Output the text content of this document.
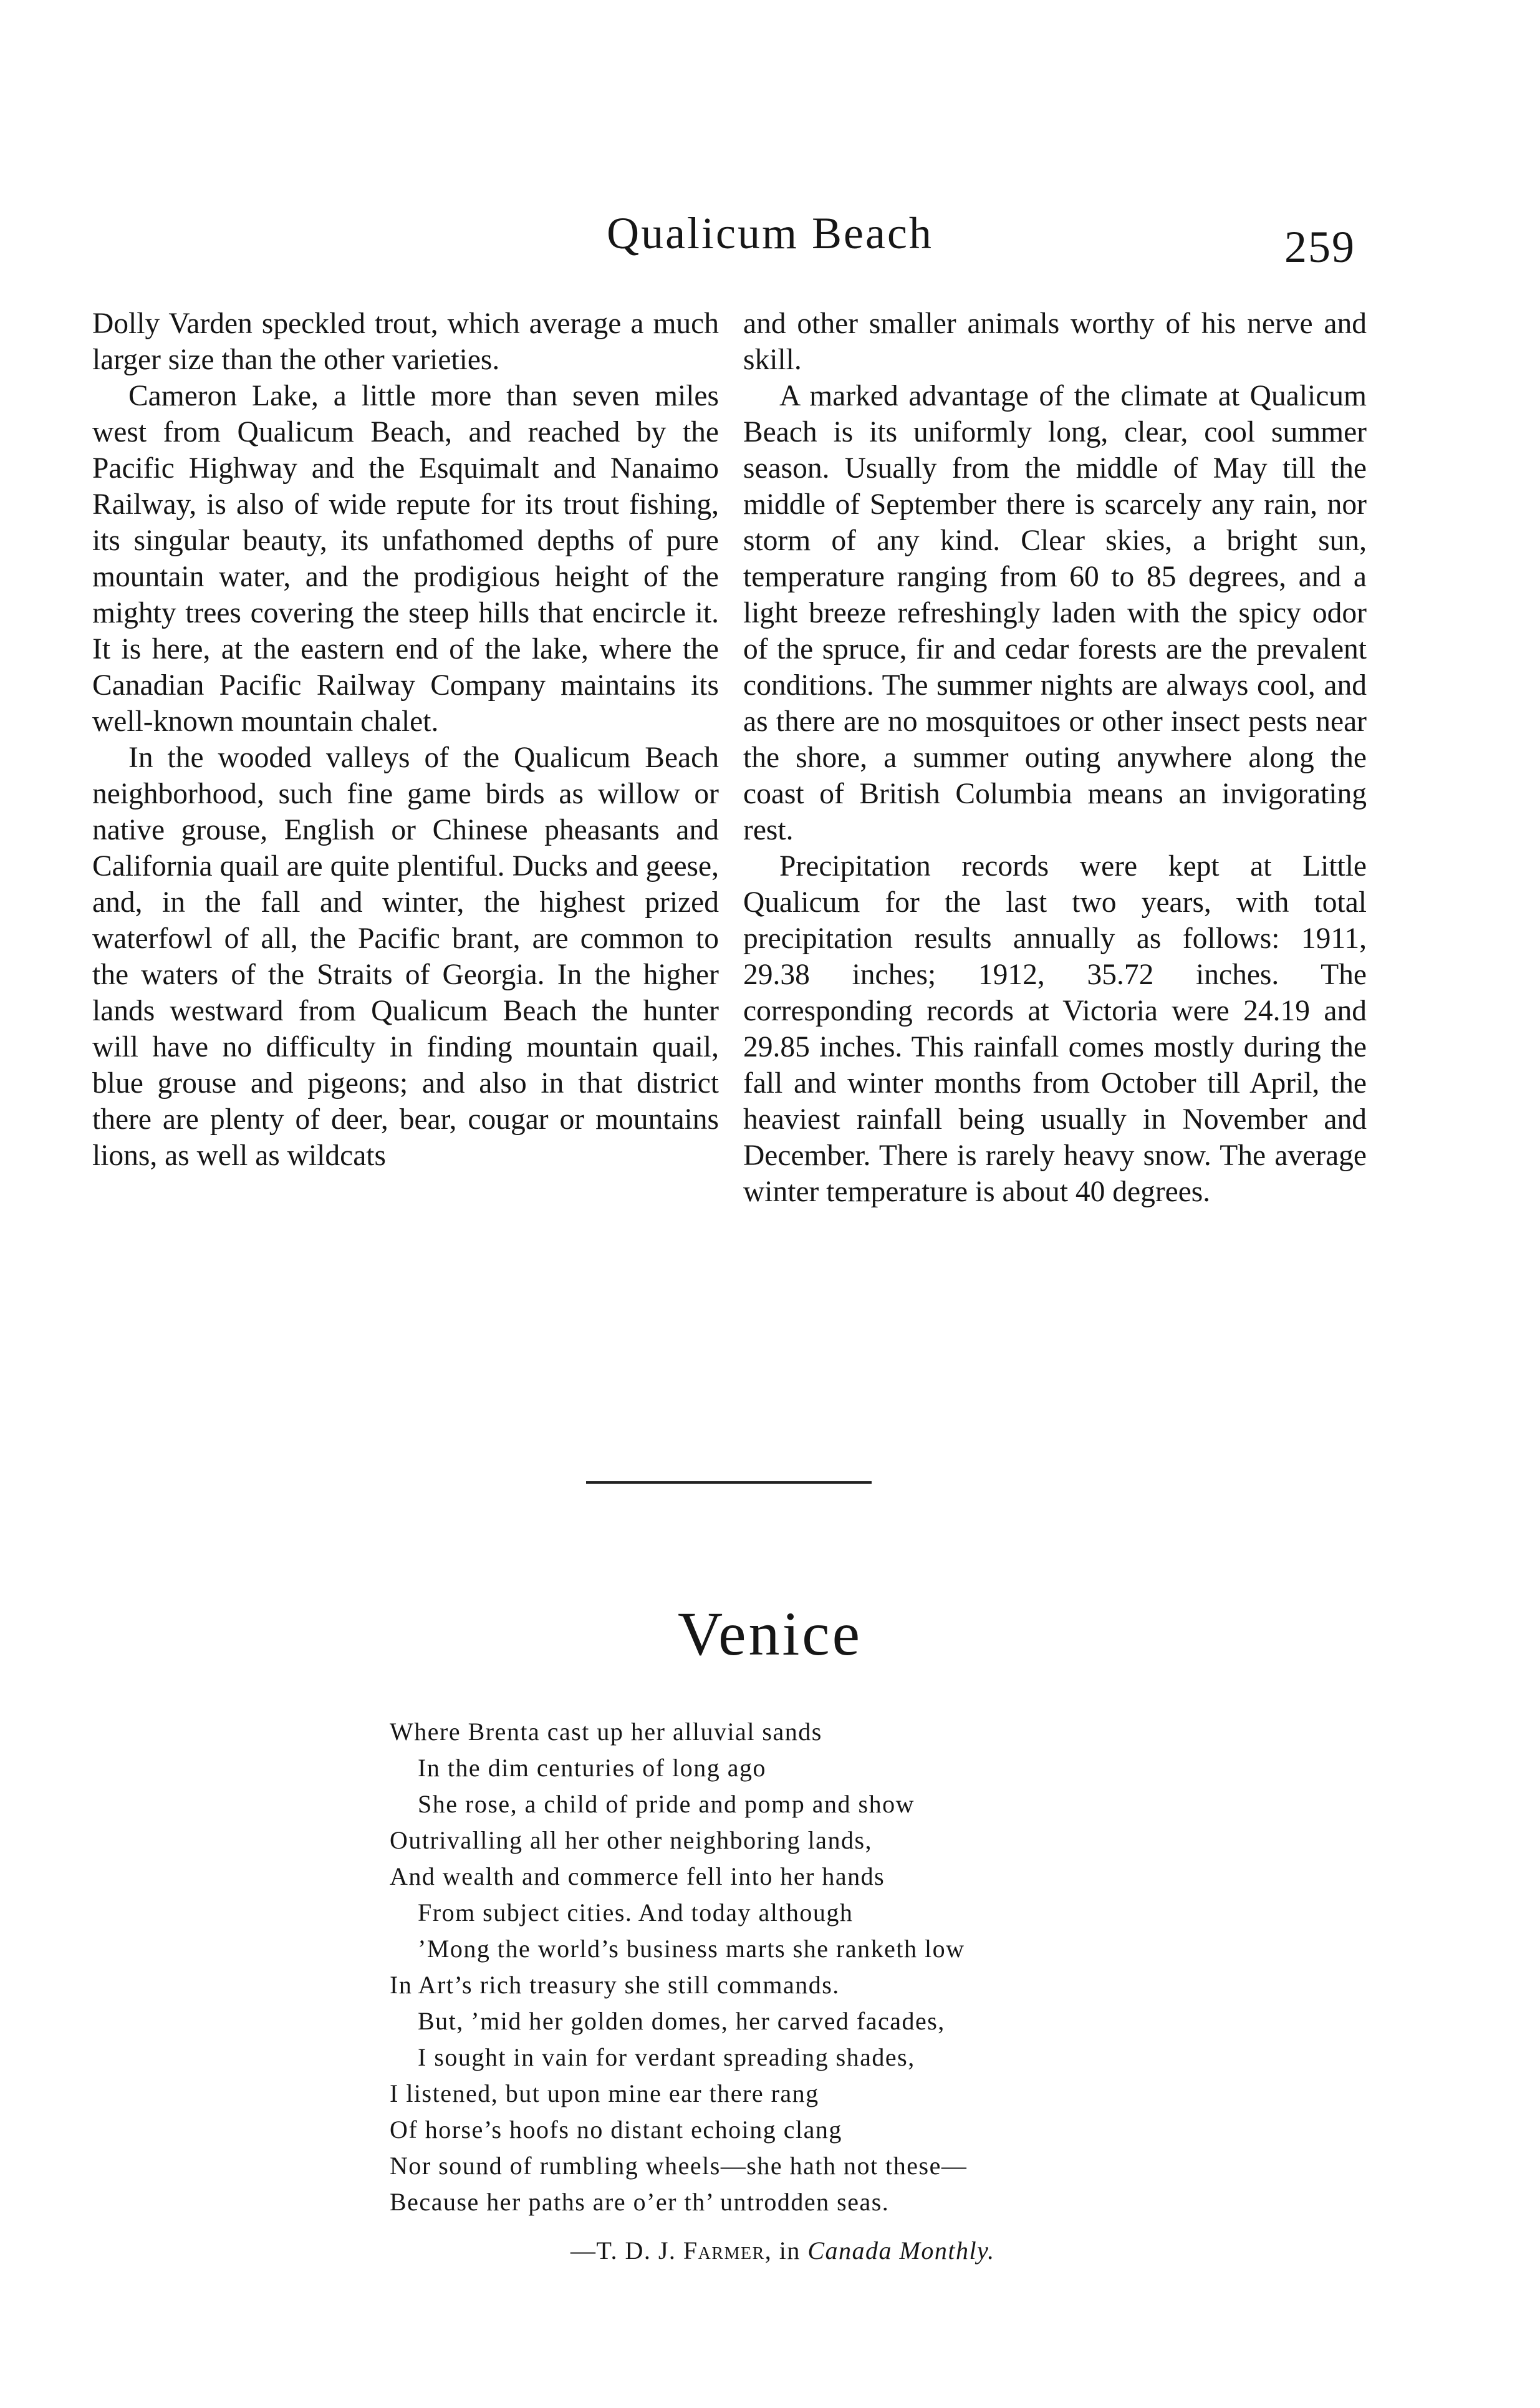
Qualicum Beach	259

Dolly Varden speckled trout, which average a much larger size than the other varieties.

Cameron Lake, a little more than seven miles west from Qualicum Beach, and reached by the Pacific Highway and the Esquimalt and Nanaimo Railway, is also of wide repute for its trout fishing, its singular beauty, its unfathomed depths of pure mountain water, and the prodigious height of the mighty trees covering the steep hills that encircle it. It is here, at the eastern end of the lake, where the Canadian Pacific Railway Company maintains its well-known mountain chalet.

In the wooded valleys of the Qualicum Beach neighborhood, such fine game birds as willow or native grouse, English or Chinese pheasants and California quail are quite plentiful. Ducks and geese, and, in the fall and winter, the highest prized waterfowl of all, the Pacific brant, are common to the waters of the Straits of Georgia. In the higher lands westward from Qualicum Beach the hunter will have no difficulty in finding mountain quail, blue grouse and pigeons; and also in that district there are plenty of deer, bear, cougar or mountains lions, as well as wildcats

and other smaller animals worthy of his nerve and skill.

A marked advantage of the climate at Qualicum Beach is its uniformly long, clear, cool summer season. Usually from the middle of May till the middle of September there is scarcely any rain, nor storm of any kind. Clear skies, a bright sun, temperature ranging from 60 to 85 degrees, and a light breeze refreshingly laden with the spicy odor of the spruce, fir and cedar forests are the prevalent conditions. The summer nights are always cool, and as there are no mosquitoes or other insect pests near the shore, a summer outing anywhere along the coast of British Columbia means an invigorating rest.

Precipitation records were kept at Little Qualicum for the last two years, with total precipitation results annually as follows: 1911, 29.38 inches; 1912, 35.72 inches. The corresponding records at Victoria were 24.19 and 29.85 inches. This rainfall comes mostly during the fall and winter months from October till April, the heaviest rainfall being usually in November and December. There is rarely heavy snow. The average winter temperature is about 40 degrees.

Venice
Where Brenta cast up her alluvial sands
In the dim centuries of long ago
She rose, a child of pride and pomp and show
Outrivalling all her other neighboring lands,
And wealth and commerce fell into her hands
From subject cities. And today although
’Mong the world’s business marts she ranketh low
In Art’s rich treasury she still commands.
But, ’mid her golden domes, her carved facades,
I sought in vain for verdant spreading shades,
I listened, but upon mine ear there rang
Of horse’s hoofs no distant echoing clang
Nor sound of rumbling wheels—she hath not these—
Because her paths are o’er th’ untrodden seas.
—T. D. J. Farmer, in Canada Monthly.
